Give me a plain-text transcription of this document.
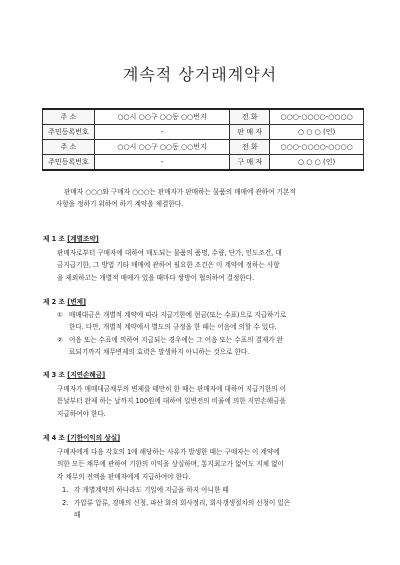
계속적 상거래계약서
주 소	○○시 ○○구 ○○동 ○○번지	전 화	○○○-○○○○-○○○○
주민등록번호	-	판 매 자	○ ○ ○ (인)
주 소	○○시 ○○구 ○○동 ○○번지	전 화	○○○-○○○○-○○○○
주민등록번호	-	구 매 자	○ ○ ○ (인)
판매자 ○○○와 구매자 ○○○는 판매자가 판매하는 물품의 매매에 관하여 기본적
사항을 정하기 위하여 하기 계약을 체결한다.
제 1 조 [계별조약]
판매자로부터 구매자에 대하여 매도되는 물품의 품명, 수량, 단가, 인도조건, 대
금지급기한, 그 방법 기타 매매에 관하여 필요한 조건은 이 계약에 정하는 사항
을 제외하고는 개별적 매매가 있을 때마다 쌍방이 협의하여 결정한다.
제 2 조 [변제]
① 매매대금은 개별적 계약에 따라 지급기한에 현금(또는 수표)으로 지급하기로
한다. 다만, 개별적 계약에서 별도의 규정을 한 때는 어음에 의할 수 있다.
② 어음 또는 수표에 의하여 지급되는 경우에는 그 어음 또는 수표의 결제가 완
료되기까지 채무변제의 효력은 발생하지 아니하는 것으로 한다.
제 3 조 [지연손해금]
구매자가 매매대금채무의 변제를 태만히 한 때는 판매자에 대하여 지급기한의 이
튿날부터 완제 하는 날까지 100원에 대하여 일변전의 비율에 의한 지연손해금을
지급하여야 한다.
제 4 조 [기한이익의 상실]
구매자에게 다음 각호의 1에 해당하는 사유가 발생한 때는 구매자는 이 계약에
의한 모든 채무에 관하여 기한의 이익을 상실하며, 통지최고가 없어도 지체 없이
각 채무의 전액을 판매자에게 지급하여야 한다.
1. 각 개별계약의 하나라도 기일에 지급을 하지 아니한 때
2. 가압류 압류, 경매의 신청, 파산 화의 회사정리, 회사갱생절차의 신청이 있은
때
